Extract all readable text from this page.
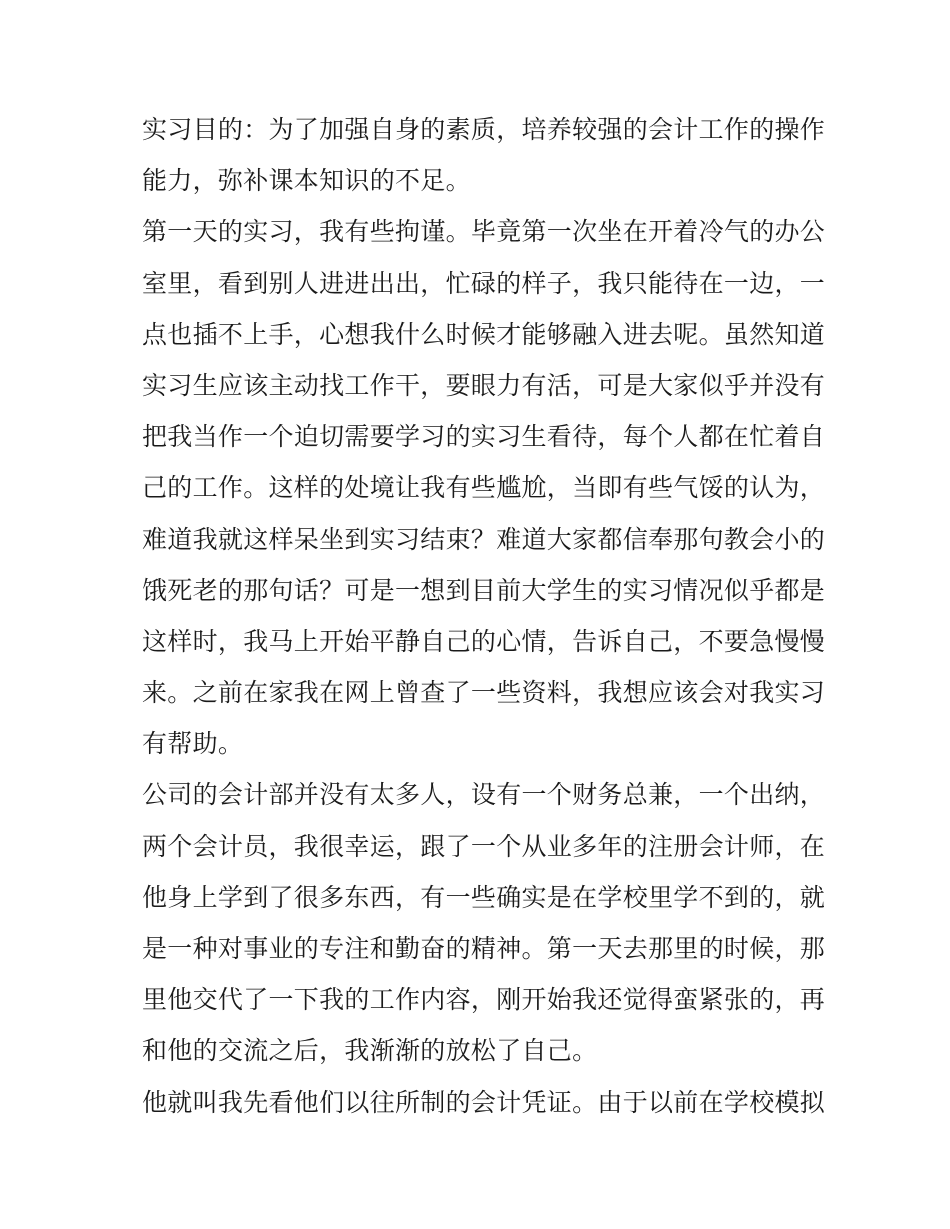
实习目的：为了加强自身的素质，培养较强的会计工作的操作
能力，弥补课本知识的不足。
第一天的实习，我有些拘谨。毕竟第一次坐在开着冷气的办公
室里，看到别人进进出出，忙碌的样子，我只能待在一边，一
点也插不上手，心想我什么时候才能够融入进去呢。虽然知道
实习生应该主动找工作干，要眼力有活，可是大家似乎并没有
把我当作一个迫切需要学习的实习生看待，每个人都在忙着自
己的工作。这样的处境让我有些尴尬，当即有些气馁的认为，
难道我就这样呆坐到实习结束？难道大家都信奉那句教会小的
饿死老的那句话？可是一想到目前大学生的实习情况似乎都是
这样时，我马上开始平静自己的心情，告诉自己，不要急慢慢
来。之前在家我在网上曾查了一些资料，我想应该会对我实习
有帮助。
公司的会计部并没有太多人，设有一个财务总兼，一个出纳，
两个会计员，我很幸运，跟了一个从业多年的注册会计师，在
他身上学到了很多东西，有一些确实是在学校里学不到的，就
是一种对事业的专注和勤奋的精神。第一天去那里的时候，那
里他交代了一下我的工作内容，刚开始我还觉得蛮紧张的，再
和他的交流之后，我渐渐的放松了自己。
他就叫我先看他们以往所制的会计凭证。由于以前在学校模拟
